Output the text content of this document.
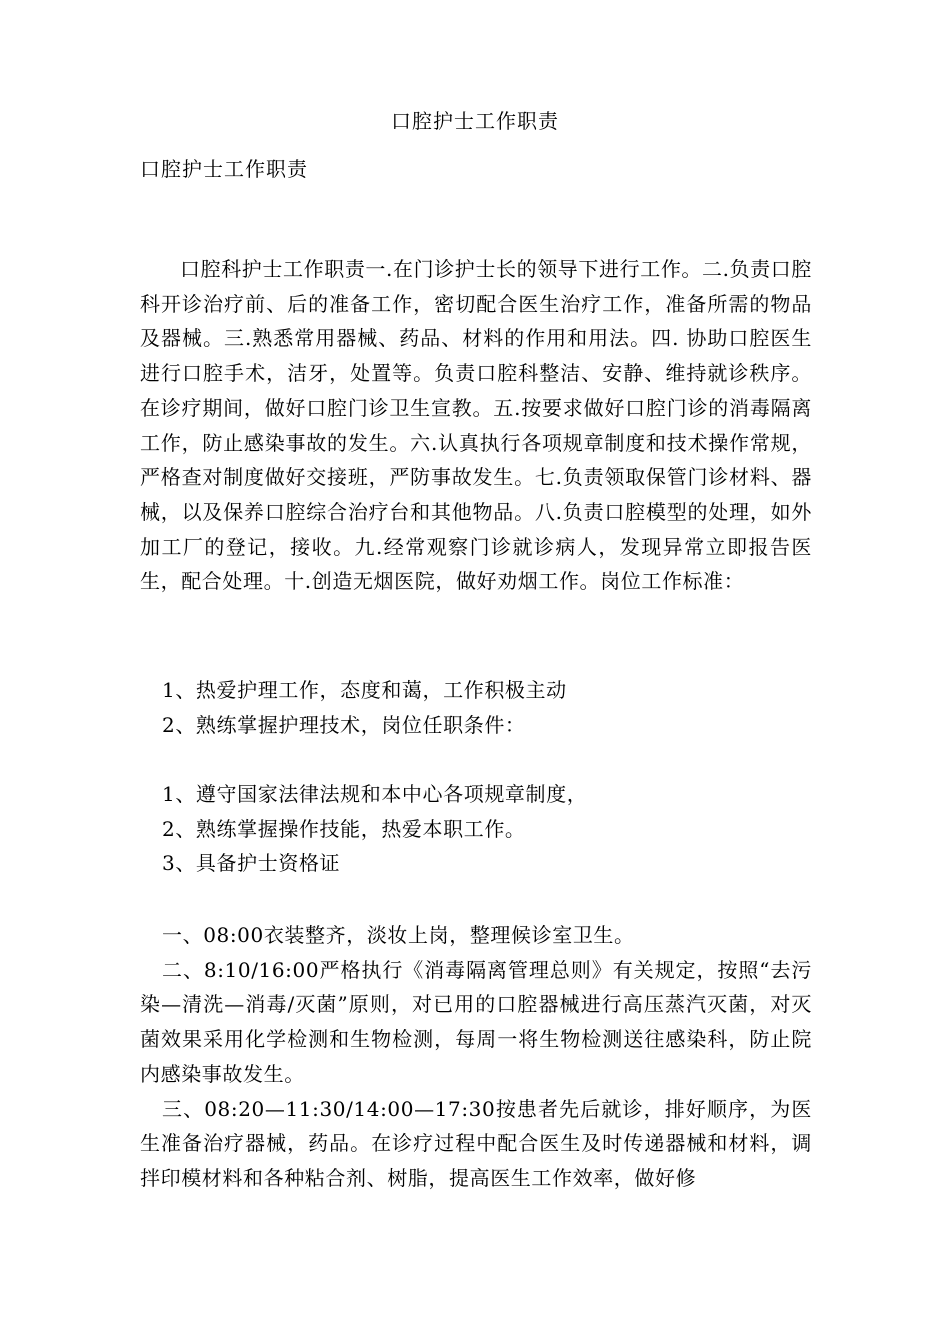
口腔护士工作职责
口腔护士工作职责
口腔科护士工作职责一.在门诊护士长的领导下进行工作。二.负责口腔科开诊治疗前、后的准备工作，密切配合医生治疗工作，准备所需的物品及器械。三.熟悉常用器械、药品、材料的作用和用法。四. 协助口腔医生进行口腔手术，洁牙，处置等。负责口腔科整洁、安静、维持就诊秩序。在诊疗期间，做好口腔门诊卫生宣教。五.按要求做好口腔门诊的消毒隔离工作，防止感染事故的发生。六.认真执行各项规章制度和技术操作常规，严格查对制度做好交接班，严防事故发生。七.负责领取保管门诊材料、器械，以及保养口腔综合治疗台和其他物品。八.负责口腔模型的处理，如外加工厂的登记，接收。九.经常观察门诊就诊病人，发现异常立即报告医生，配合处理。十.创造无烟医院，做好劝烟工作。岗位工作标准：
1、热爱护理工作，态度和蔼，工作积极主动
2、熟练掌握护理技术，岗位任职条件：
1、遵守国家法律法规和本中心各项规章制度，
2、熟练掌握操作技能，热爱本职工作。
3、具备护士资格证

一、08:00衣装整齐，淡妆上岗，整理候诊室卫生。

二、8:10/16:00严格执行《消毒隔离管理总则》有关规定，按照“去污染—清洗—消毒/灭菌”原则，对已用的口腔器械进行高压蒸汽灭菌，对灭菌效果采用化学检测和生物检测，每周一将生物检测送往感染科，防止院内感染事故发生。

三、08:20—11:30/14:00—17:30按患者先后就诊，排好顺序，为医生准备治疗器械，药品。在诊疗过程中配合医生及时传递器械和材料，调拌印模材料和各种粘合剂、树脂，提高医生工作效率，做好修
